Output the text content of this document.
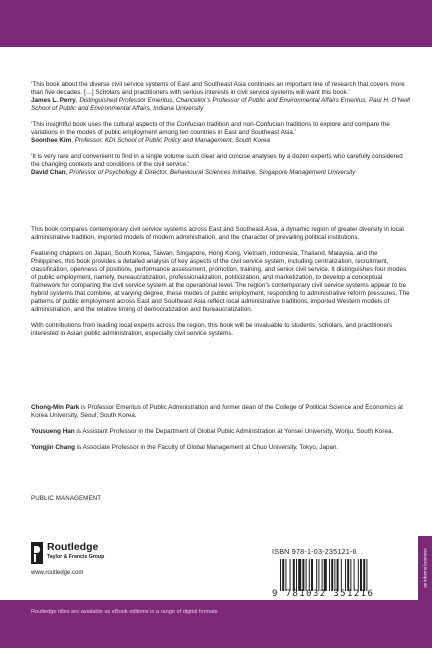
‘This book about the diverse civil service systems of East and Southeast Asia continues an important line of research that covers more than five decades. […] Scholars and practitioners with serious interests in civil service systems will want this book.’
James L. Perry, Distinguished Professor Emeritus, Chancellor’s Professor of Public and Environmental Affairs Emeritus, Paul H. O’Neill School of Public and Environmental Affairs, Indiana University
‘This insightful book uses the cultural aspects of the Confucian tradition and non-Confucian traditions to explore and compare the variations in the modes of public employment among ten countries in East and Southeast Asia.’
Soonhee Kim, Professor, KDI School of Public Policy and Management, South Korea
‘It is very rare and convenient to find in a single volume such clear and concise analyses by a dozen experts who carefully considered the changing contexts and conditions of the civil service.’
David Chan, Professor of Psychology & Director, Behavioural Sciences Initiative, Singapore Management University

This book compares contemporary civil service systems across East and Southeast Asia, a dynamic region of greater diversity in local administrative tradition, imported models of modern administration, and the character of prevailing political institutions.

Featuring chapters on Japan, South Korea, Taiwan, Singapore, Hong Kong, Vietnam, Indonesia, Thailand, Malaysia, and the Philippines, this book provides a detailed analysis of key aspects of the civil service system, including centralization, recruitment, classification, openness of positions, performance assessment, promotion, training, and senior civil service. It distinguishes four modes of public employment, namely, bureaucratization, professionalization, politicization, and marketization, to develop a conceptual framework for comparing the civil service system at the operational level. The region’s contemporary civil service systems appear to be hybrid systems that combine, at varying degree, these modes of public employment, responding to administrative reform pressures. The patterns of public employment across East and Southeast Asia reflect local administrative traditions, imported Western models of administration, and the relative timing of democratization and bureaucratization.

With contributions from leading local experts across the region, this book will be invaluable to students, scholars, and practitioners interested in Asian public administration, especially civil service systems.

Chong-Min Park is Professor Emeritus of Public Administration and former dean of the College of Political Science and Economics at Korea University, Seoul, South Korea.

Yousueng Han is Assistant Professor in the Department of Global Public Administration at Yonsei University, Wonju, South Korea.

Yongjin Chang is Associate Professor in the Faculty of Global Management at Chuo University, Tokyo, Japan.

PUBLIC MANAGEMENT
Routledge
Taylor & Francis Group
www.routledge.com
ISBN 978-1-03-235121-6
9 781032 351216
an informa business
Routledge titles are available as eBook editions in a range of digital formats
